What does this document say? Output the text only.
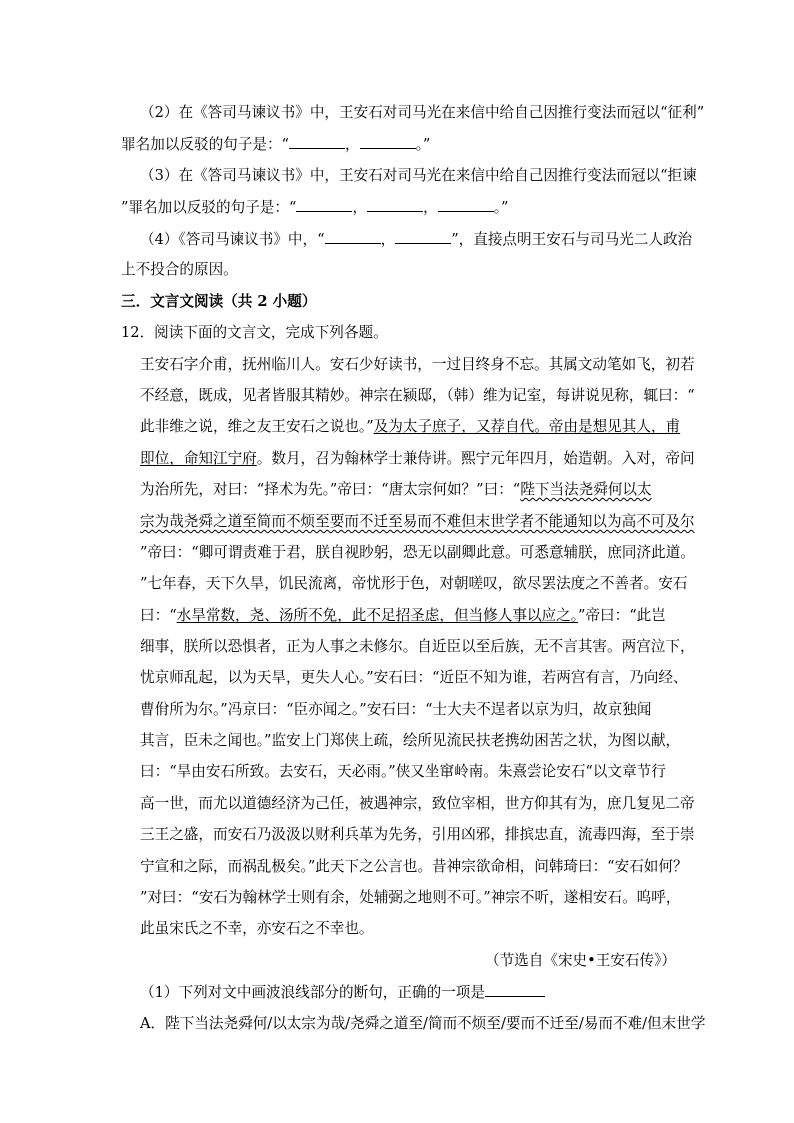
（2）在《答司马谏议书》中，王安石对司马光在来信中给自己因推行变法而冠以“征利”
罪名加以反驳的句子是：“	，	。”
（3）在《答司马谏议书》中，王安石对司马光在来信中给自己因推行变法而冠以“拒谏
”罪名加以反驳的句子是：“	，	，	。”
（4）《答司马谏议书》中，“	，	”，直接点明王安石与司马光二人政治
上不投合的原因。
三．文言文阅读（共 2 小题）
12．阅读下面的文言文，完成下列各题。
王安石字介甫，抚州临川人。安石少好读书，一过目终身不忘。其属文动笔如飞，初若
不经意，既成，见者皆服其精妙。神宗在颍邸，（韩）维为记室，每讲说见称，辄曰：“
此非维之说，维之友王安石之说也。”及为太子庶子，又荐自代。帝由是想见其人，甫
即位，命知江宁府。数月，召为翰林学士兼侍讲。熙宁元年四月，始造朝。入对，帝问
为治所先，对曰：“择术为先。”帝曰：“唐太宗何如？”曰：“陛下当法尧舜何以太
宗为哉尧舜之道至简而不烦至要而不迁至易而不难但末世学者不能通知以为高不可及尔
”帝曰：“卿可谓责难于君，朕自视眇躬，恐无以副卿此意。可悉意辅朕，庶同济此道。
”七年春，天下久旱，饥民流离，帝忧形于色，对朝嗟叹，欲尽罢法度之不善者。安石
曰：“水旱常数，尧、汤所不免，此不足招圣虑，但当修人事以应之。”帝曰：“此岂
细事，朕所以恐惧者，正为人事之未修尔。自近臣以至后族，无不言其害。两宫泣下，
忧京师乱起，以为天旱，更失人心。”安石曰：“近臣不知为谁，若两宫有言，乃向经、
曹佾所为尔。”冯京曰：“臣亦闻之。”安石曰：“士大夫不逞者以京为归，故京独闻
其言，臣未之闻也。”监安上门郑侠上疏，绘所见流民扶老携幼困苦之状，为图以献，
曰：“旱由安石所致。去安石，天必雨。”侠又坐窜岭南。朱熹尝论安石“以文章节行
高一世，而尤以道德经济为己任，被遇神宗，致位宰相，世方仰其有为，庶几复见二帝
三王之盛，而安石乃汲汲以财利兵革为先务，引用凶邪，排摈忠直，流毒四海，至于崇
宁宣和之际，而祸乱极矣。”此天下之公言也。昔神宗欲命相，问韩琦曰：“安石如何？
”对曰：“安石为翰林学士则有余，处辅弼之地则不可。”神宗不听，遂相安石。呜呼，
此虽宋氏之不幸，亦安石之不幸也。
（节选自《宋史•王安石传》）
（1）下列对文中画波浪线部分的断句，正确的一项是
A．陛下当法尧舜何/以太宗为哉/尧舜之道至/简而不烦至/要而不迁至/易而不难/但末世学
